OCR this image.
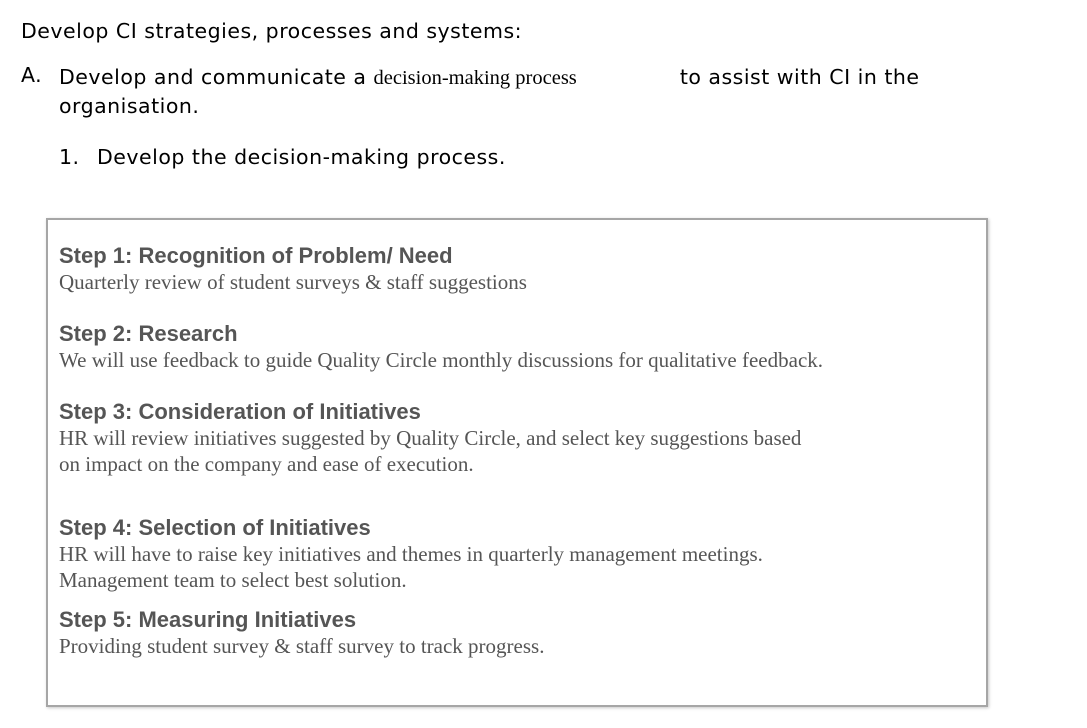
Develop CI strategies, processes and systems:
A. Develop and communicate a decision-making process	to assist with CI in the
organisation.
1. Develop the decision-making process.
Step 1: Recognition of Problem/ Need
Quarterly review of student surveys & staff suggestions
Step 2: Research
We will use feedback to guide Quality Circle monthly discussions for qualitative feedback.
Step 3: Consideration of Initiatives
HR will review initiatives suggested by Quality Circle, and select key suggestions based
on impact on the company and ease of execution.
Step 4: Selection of Initiatives
HR will have to raise key initiatives and themes in quarterly management meetings.
Management team to select best solution.
Step 5: Measuring Initiatives
Providing student survey & staff survey to track progress.
